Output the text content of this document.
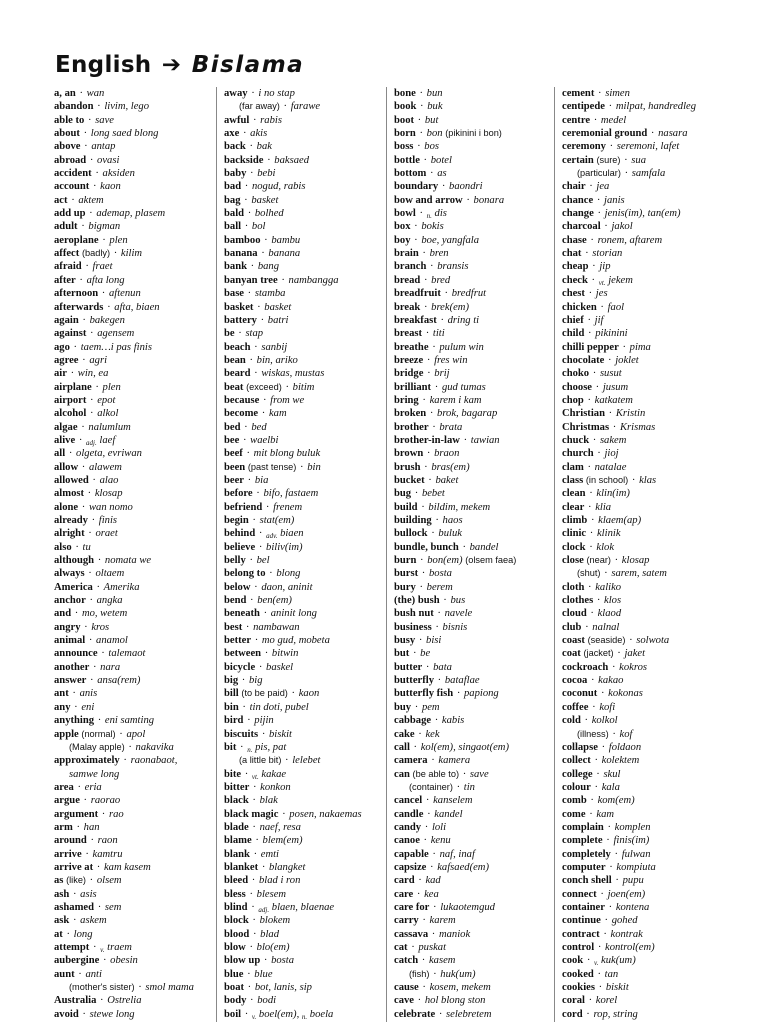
English ➔ Bislama
a, an · wan
abandon · livim, lego
able to · save
about · long saed blong
above · antap
abroad · ovasi
accident · aksiden
account · kaon
act · aktem
add up · ademap, plasem
adult · bigman
aeroplane · plen
affect (badly) · kilim
afraid · fraet
after · afta long
afternoon · aftenun
afterwards · afta, biaen
again · bakegen
against · agensem
ago · taem…i pas finis
agree · agri
air · win, ea
airplane · plen
airport · epot
alcohol · alkol
algae · nalumlum
alive · adj. laef
all · olgeta, evriwan
allow · alawem
allowed · alao
almost · klosap
alone · wan nomo
already · finis
alright · oraet
also · tu
although · nomata we
always · oltaem
America · Amerika
anchor · angka
and · mo, wetem
angry · kros
animal · anamol
announce · talemaot
another · nara
answer · ansa(rem)
ant · anis
any · eni
anything · eni samting
apple (normal) · apol
(Malay apple) · nakavika
approximately · raonabaot,
samwe long
area · eria
argue · raorao
argument · rao
arm · han
around · raon
arrive · kamtru
arrive at · kam kasem
as (like) · olsem
ash · asis
ashamed · sem
ask · askem
at · long
attempt · v. traem
aubergine · obesin
aunt · anti
(mother's sister) · smol mama
Australia · Ostrelia
avoid · stewe long
away · i no stap
(far away) · farawe
awful · rabis
axe · akis
back · bak
backside · baksaed
baby · bebi
bad · nogud, rabis
bag · basket
bald · bolhed
ball · bol
bamboo · bambu
banana · banana
bank · bang
banyan tree · nambangga
base · stamba
basket · basket
battery · batri
be · stap
beach · sanbij
bean · bin, ariko
beard · wiskas, mustas
beat (exceed) · bitim
because · from we
become · kam
bed · bed
bee · waelbi
beef · mit blong buluk
been (past tense) · bin
beer · bia
before · bifo, fastaem
befriend · frenem
begin · stat(em)
behind · adv. biaen
believe · biliv(im)
belly · bel
belong to · blong
below · daon, aninit
bend · ben(em)
beneath · aninit long
best · nambawan
better · mo gud, mobeta
between · bitwin
bicycle · baskel
big · big
bill (to be paid) · kaon
bin · tin doti, pubel
bird · pijin
biscuits · biskit
bit · n. pis, pat
(a little bit) · lelebet
bite · vt. kakae
bitter · konkon
black · blak
black magic · posen, nakaemas
blade · naef, resa
blame · blem(em)
blank · emti
blanket · blangket
bleed · blad i ron
bless · blesem
blind · adj. blaen, blaenae
block · blokem
blood · blad
blow · blo(em)
blow up · bosta
blue · blue
boat · bot, lanis, sip
body · bodi
boil · v. boel(em), n. boela
bone · bun
book · buk
boot · but
born · bon (pikinini i bon)
boss · bos
bottle · botel
bottom · as
boundary · baondri
bow and arrow · bonara
bowl · n. dis
box · bokis
boy · boe, yangfala
brain · bren
branch · bransis
bread · bred
breadfruit · bredfrut
break · brek(em)
breakfast · dring ti
breast · titi
breathe · pulum win
breeze · fres win
bridge · brij
brilliant · gud tumas
bring · karem i kam
broken · brok, bagarap
brother · brata
brother-in-law · tawian
brown · braon
brush · bras(em)
bucket · baket
bug · bebet
build · bildim, mekem
building · haos
bullock · buluk
bundle, bunch · bandel
burn · bon(em) (olsem faea)
burst · bosta
bury · berem
(the) bush · bus
bush nut · navele
business · bisnis
busy · bisi
but · be
butter · bata
butterfly · bataflae
butterfly fish · papiong
buy · pem
cabbage · kabis
cake · kek
call · kol(em), singaot(em)
camera · kamera
can (be able to) · save
(container) · tin
cancel · kanselem
candle · kandel
candy · loli
canoe · kenu
capable · naf, inaf
capsize · kafsaed(em)
card · kad
care · kea
care for · lukaotemgud
carry · karem
cassava · maniok
cat · puskat
catch · kasem
(fish) · huk(um)
cause · kosem, mekem
cave · hol blong ston
celebrate · selebretem
cement · simen
centipede · milpat, handredleg
centre · medel
ceremonial ground · nasara
ceremony · seremoni, lafet
certain (sure) · sua
(particular) · samfala
chair · jea
chance · janis
change · jenis(im), tan(em)
charcoal · jakol
chase · ronem, aftarem
chat · storian
cheap · jip
check · vt. jekem
chest · jes
chicken · faol
chief · jif
child · pikinini
chilli pepper · pima
chocolate · joklet
choko · susut
choose · jusum
chop · katkatem
Christian · Kristin
Christmas · Krismas
chuck · sakem
church · jioj
clam · natalae
class (in school) · klas
clean · klin(im)
clear · klia
climb · klaem(ap)
clinic · klinik
clock · klok
close (near) · klosap
(shut) · sarem, satem
cloth · kaliko
clothes · klos
cloud · klaod
club · nalnal
coast (seaside) · solwota
coat (jacket) · jaket
cockroach · kokros
cocoa · kakao
coconut · kokonas
coffee · kofi
cold · kolkol
(illness) · kof
collapse · foldaon
collect · kolektem
college · skul
colour · kala
comb · kom(em)
come · kam
complain · komplen
complete · finis(im)
completely · fulwan
computer · kompiuta
conch shell · pupu
connect · joen(em)
container · kontena
continue · gohed
contract · kontrak
control · kontrol(em)
cook · v. kuk(um)
cooked · tan
cookies · biskit
coral · korel
cord · rop, string
